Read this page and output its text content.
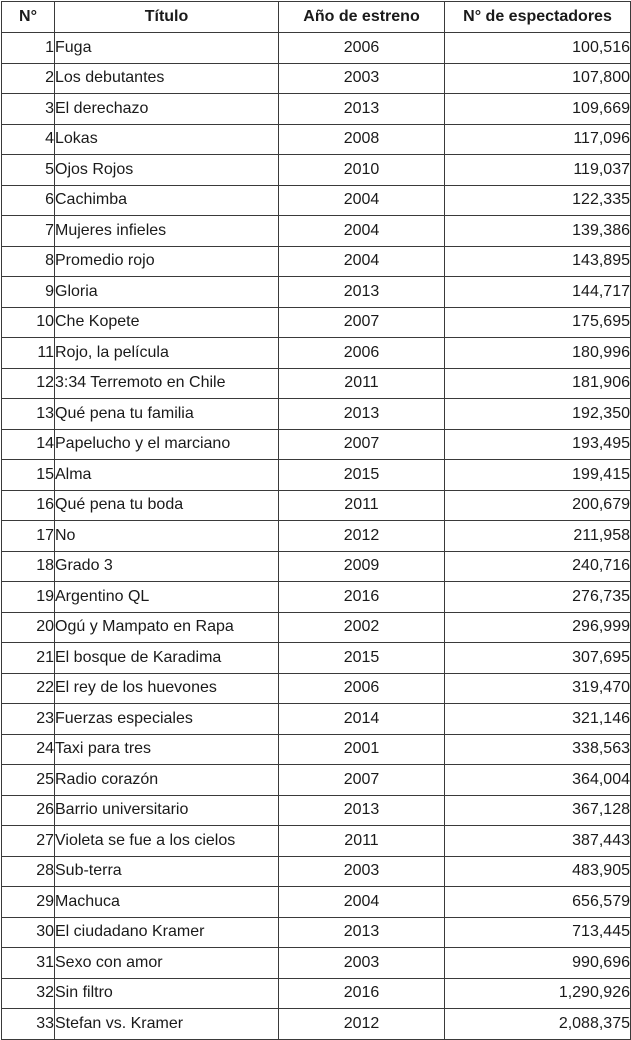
N°	Título	Año de estreno	N° de espectadores
1	Fuga	2006	100,516
2	Los debutantes	2003	107,800
3	El derechazo	2013	109,669
4	Lokas	2008	117,096
5	Ojos Rojos	2010	119,037
6	Cachimba	2004	122,335
7	Mujeres infieles	2004	139,386
8	Promedio rojo	2004	143,895
9	Gloria	2013	144,717
10	Che Kopete	2007	175,695
11	Rojo, la película	2006	180,996
12	3:34 Terremoto en Chile	2011	181,906
13	Qué pena tu familia	2013	192,350
14	Papelucho y el marciano	2007	193,495
15	Alma	2015	199,415
16	Qué pena tu boda	2011	200,679
17	No	2012	211,958
18	Grado 3	2009	240,716
19	Argentino QL	2016	276,735
20	Ogú y Mampato en Rapa	2002	296,999
21	El bosque de Karadima	2015	307,695
22	El rey de los huevones	2006	319,470
23	Fuerzas especiales	2014	321,146
24	Taxi para tres	2001	338,563
25	Radio corazón	2007	364,004
26	Barrio universitario	2013	367,128
27	Violeta se fue a los cielos	2011	387,443
28	Sub-terra	2003	483,905
29	Machuca	2004	656,579
30	El ciudadano Kramer	2013	713,445
31	Sexo con amor	2003	990,696
32	Sin filtro	2016	1,290,926
33	Stefan vs. Kramer	2012	2,088,375
